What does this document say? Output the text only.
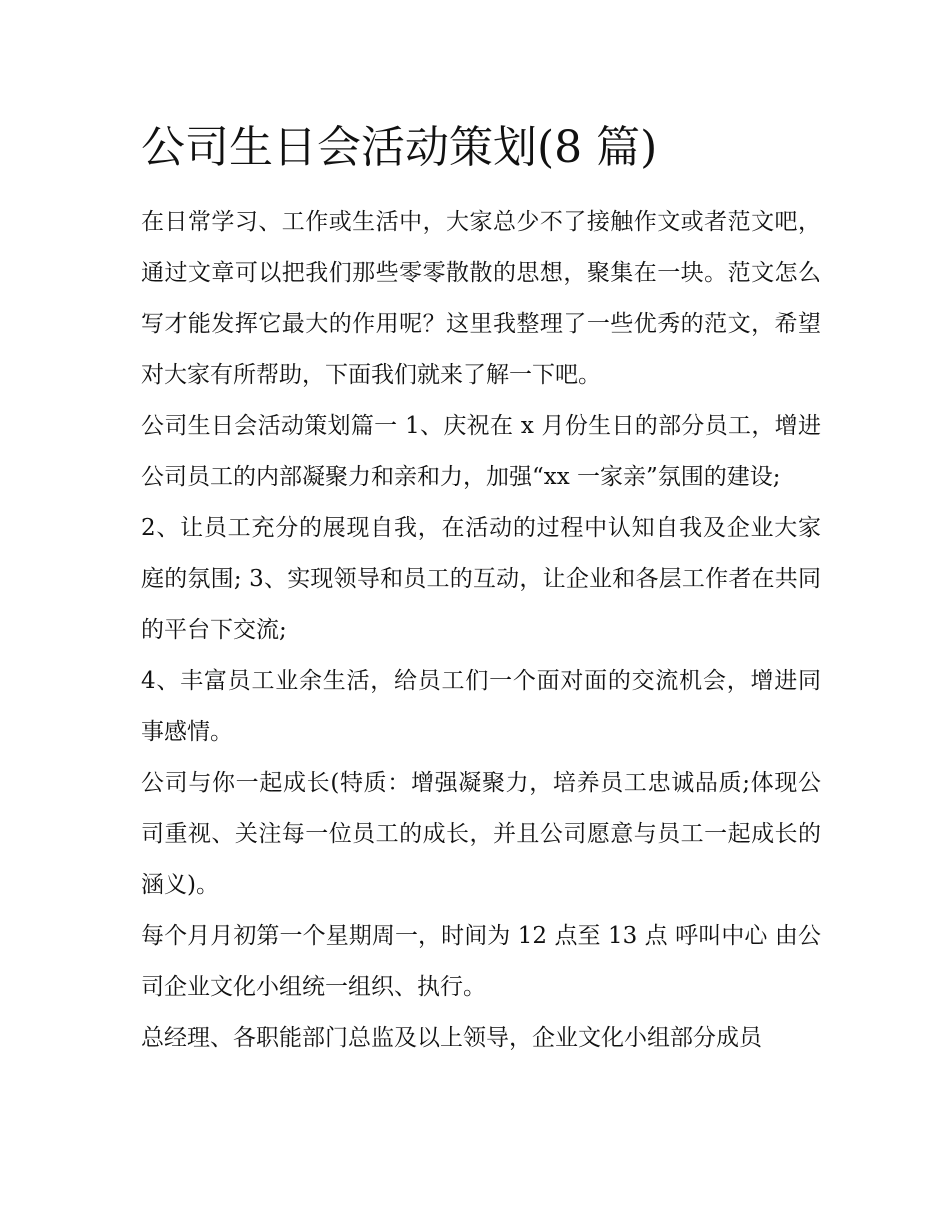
公司生日会活动策划(8 篇)

在日常学习、工作或生活中，大家总少不了接触作文或者范文吧，通过文章可以把我们那些零零散散的思想，聚集在一块。范文怎么写才能发挥它最大的作用呢？这里我整理了一些优秀的范文，希望对大家有所帮助，下面我们就来了解一下吧。

公司生日会活动策划篇一 1、庆祝在 x 月份生日的部分员工，增进公司员工的内部凝聚力和亲和力，加强“xx 一家亲”氛围的建设;

2、让员工充分的展现自我，在活动的过程中认知自我及企业大家庭的氛围; 3、实现领导和员工的互动，让企业和各层工作者在共同的平台下交流;

4、丰富员工业余生活，给员工们一个面对面的交流机会，增进同事感情。

公司与你一起成长(特质：增强凝聚力，培养员工忠诚品质;体现公司重视、关注每一位员工的成长，并且公司愿意与员工一起成长的涵义)。

每个月月初第一个星期周一，时间为 12 点至 13 点 呼叫中心 由公司企业文化小组统一组织、执行。

总经理、各职能部门总监及以上领导，企业文化小组部分成员
